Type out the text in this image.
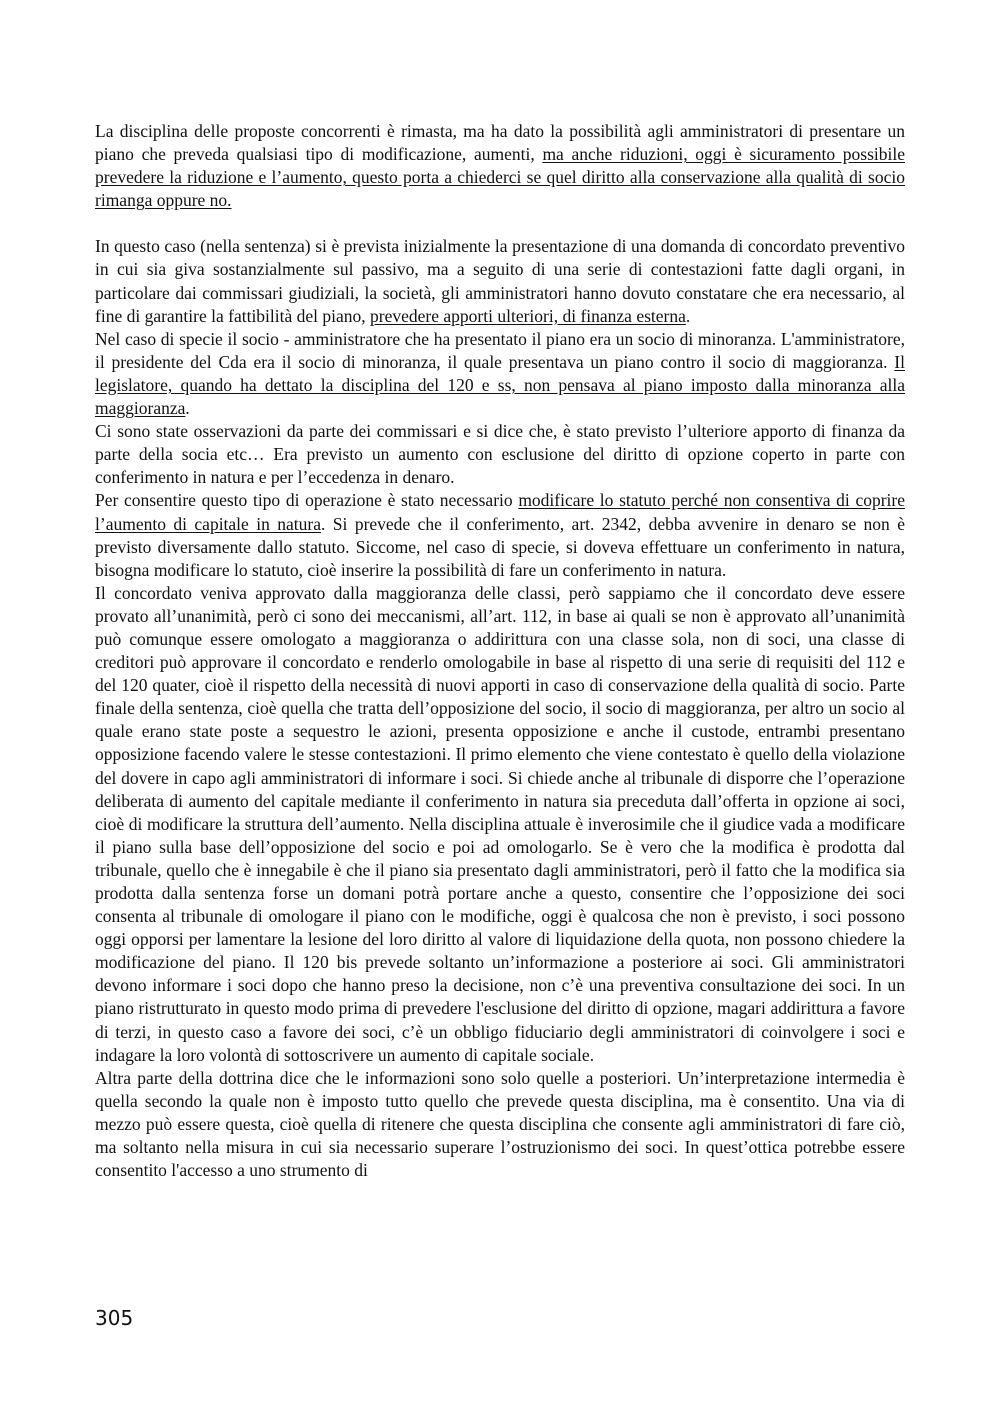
La disciplina delle proposte concorrenti è rimasta, ma ha dato la possibilità agli amministratori di presentare un piano che preveda qualsiasi tipo di modificazione, aumenti, ma anche riduzioni, oggi è sicuramento possibile prevedere la riduzione e l’aumento, questo porta a chiederci se quel diritto alla conservazione alla qualità di socio rimanga oppure no.

In questo caso (nella sentenza) si è prevista inizialmente la presentazione di una domanda di concordato preventivo in cui sia giva sostanzialmente sul passivo, ma a seguito di una serie di contestazioni fatte dagli organi, in particolare dai commissari giudiziali, la società, gli amministratori hanno dovuto constatare che era necessario, al fine di garantire la fattibilità del piano, prevedere apporti ulteriori, di finanza esterna.

Nel caso di specie il socio - amministratore che ha presentato il piano era un socio di minoranza. L'amministratore, il presidente del Cda era il socio di minoranza, il quale presentava un piano contro il socio di maggioranza. Il legislatore, quando ha dettato la disciplina del 120 e ss, non pensava al piano imposto dalla minoranza alla maggioranza.

Ci sono state osservazioni da parte dei commissari e si dice che, è stato previsto l’ulteriore apporto di finanza da parte della socia etc… Era previsto un aumento con esclusione del diritto di opzione coperto in parte con conferimento in natura e per l’eccedenza in denaro.

Per consentire questo tipo di operazione è stato necessario modificare lo statuto perché non consentiva di coprire l’aumento di capitale in natura. Si prevede che il conferimento, art. 2342, debba avvenire in denaro se non è previsto diversamente dallo statuto. Siccome, nel caso di specie, si doveva effettuare un conferimento in natura, bisogna modificare lo statuto, cioè inserire la possibilità di fare un conferimento in natura.

Il concordato veniva approvato dalla maggioranza delle classi, però sappiamo che il concordato deve essere provato all’unanimità, però ci sono dei meccanismi, all’art. 112, in base ai quali se non è approvato all’unanimità può comunque essere omologato a maggioranza o addirittura con una classe sola, non di soci, una classe di creditori può approvare il concordato e renderlo omologabile in base al rispetto di una serie di requisiti del 112 e del 120 quater, cioè il rispetto della necessità di nuovi apporti in caso di conservazione della qualità di socio. Parte finale della sentenza, cioè quella che tratta dell’opposizione del socio, il socio di maggioranza, per altro un socio al quale erano state poste a sequestro le azioni, presenta opposizione e anche il custode, entrambi presentano opposizione facendo valere le stesse contestazioni. Il primo elemento che viene contestato è quello della violazione del dovere in capo agli amministratori di informare i soci. Si chiede anche al tribunale di disporre che l’operazione deliberata di aumento del capitale mediante il conferimento in natura sia preceduta dall’offerta in opzione ai soci, cioè di modificare la struttura dell’aumento. Nella disciplina attuale è inverosimile che il giudice vada a modificare il piano sulla base dell’opposizione del socio e poi ad omologarlo. Se è vero che la modifica è prodotta dal tribunale, quello che è innegabile è che il piano sia presentato dagli amministratori, però il fatto che la modifica sia prodotta dalla sentenza forse un domani potrà portare anche a questo, consentire che l’opposizione dei soci consenta al tribunale di omologare il piano con le modifiche, oggi è qualcosa che non è previsto, i soci possono oggi opporsi per lamentare la lesione del loro diritto al valore di liquidazione della quota, non possono chiedere la modificazione del piano. Il 120 bis prevede soltanto un’informazione a posteriore ai soci. Gli amministratori devono informare i soci dopo che hanno preso la decisione, non c’è una preventiva consultazione dei soci. In un piano ristrutturato in questo modo prima di prevedere l'esclusione del diritto di opzione, magari addirittura a favore di terzi, in questo caso a favore dei soci, c’è un obbligo fiduciario degli amministratori di coinvolgere i soci e indagare la loro volontà di sottoscrivere un aumento di capitale sociale.

Altra parte della dottrina dice che le informazioni sono solo quelle a posteriori. Un’interpretazione intermedia è quella secondo la quale non è imposto tutto quello che prevede questa disciplina, ma è consentito. Una via di mezzo può essere questa, cioè quella di ritenere che questa disciplina che consente agli amministratori di fare ciò, ma soltanto nella misura in cui sia necessario superare l’ostruzionismo dei soci. In quest’ottica potrebbe essere consentito l'accesso a uno strumento di

305
